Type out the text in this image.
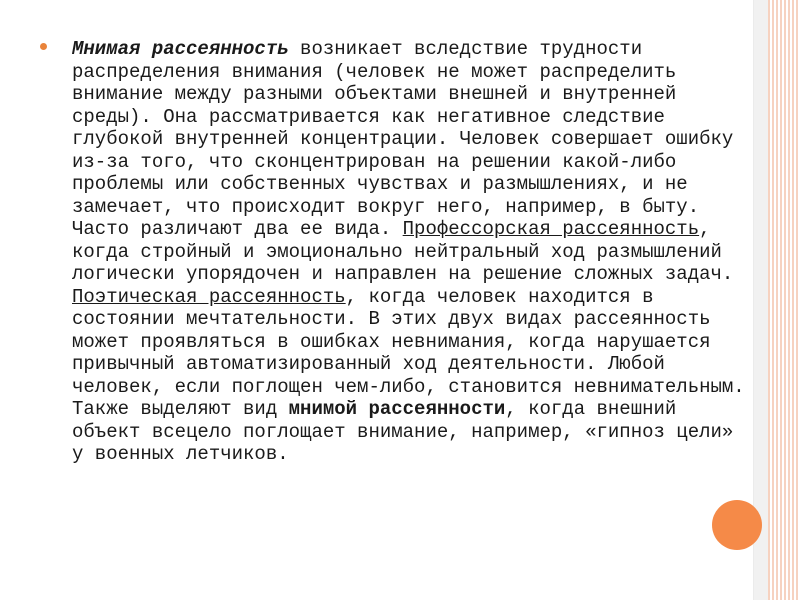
Мнимая рассеянность возникает вследствие трудности распределения внимания (человек не может распределить внимание между разными объектами внешней и внутренней среды). Она рассматривается как негативное следствие глубокой внутренней концентрации. Человек совершает ошибку из-за того, что сконцентрирован на решении какой-либо проблемы или собственных чувствах и размышлениях, и не замечает, что происходит вокруг него, например, в быту. Часто различают два ее вида. Профессорская рассеянность, когда стройный и эмоционально нейтральный ход размышлений логически упорядочен и направлен на решение сложных задач. Поэтическая рассеянность, когда человек находится в состоянии мечтательности. В этих двух видах рассеянность может проявляться в ошибках невнимания, когда нарушается привычный автоматизированный ход деятельности. Любой человек, если поглощен чем-либо, становится невнимательным. Также выделяют вид мнимой рассеянности, когда внешний объект всецело поглощает внимание, например, «гипноз цели» у военных летчиков.
